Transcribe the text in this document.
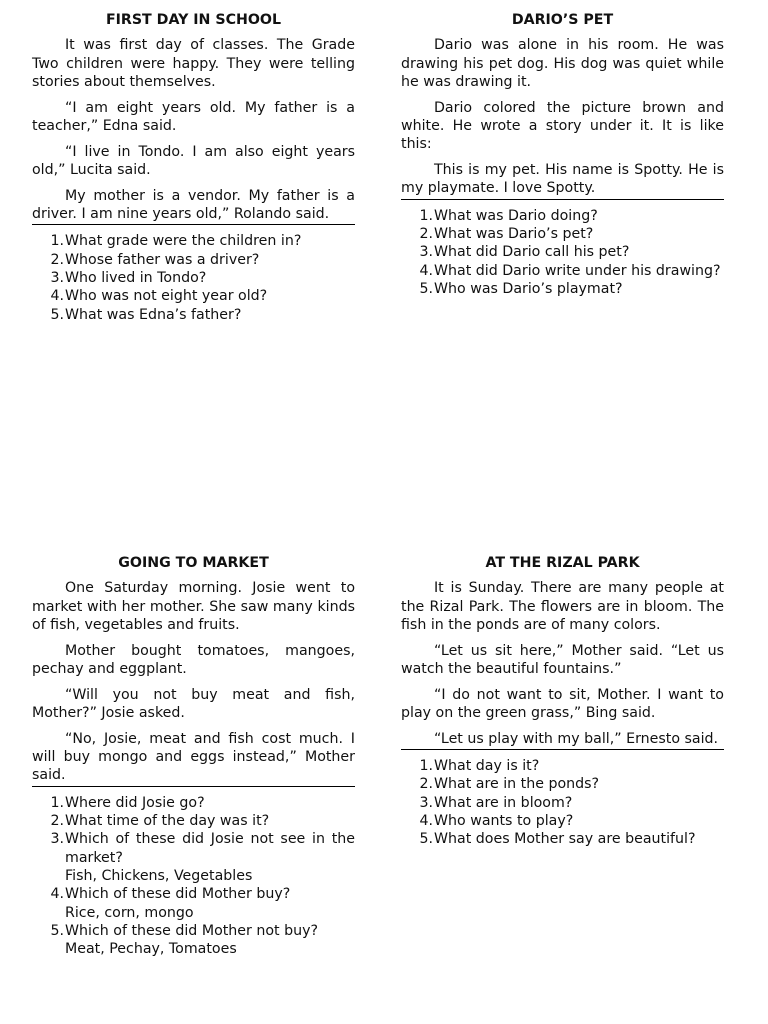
FIRST DAY IN SCHOOL

It was first day of classes. The Grade Two children were happy. They were telling stories about themselves.

“I am eight years old. My father is a teacher,” Edna said.

“I live in Tondo. I am also eight years old,” Lucita said.

My mother is a vendor. My father is a driver. I am nine years old,” Rolando said.

1. What grade were the children in?
2. Whose father was a driver?
3. Who lived in Tondo?
4. Who was not eight year old?
5. What was Edna’s father?
DARIO’S PET

Dario was alone in his room. He was drawing his pet dog. His dog was quiet while he was drawing it.

Dario colored the picture brown and white. He wrote a story under it. It is like this:

This is my pet. His name is Spotty. He is my playmate. I love Spotty.

1. What was Dario doing?
2. What was Dario’s pet?
3. What did Dario call his pet?
4. What did Dario write under his drawing?
5. Who was Dario’s playmat?
GOING TO MARKET

One Saturday morning. Josie went to market with her mother. She saw many kinds of fish, vegetables and fruits.

Mother bought tomatoes, mangoes, pechay and eggplant.

“Will you not buy meat and fish, Mother?” Josie asked.

“No, Josie, meat and fish cost much. I will buy mongo and eggs instead,” Mother said.

1. Where did Josie go?
2. What time of the day was it?
3. Which of these did Josie not see in the market?
Fish, Chickens, Vegetables
4. Which of these did Mother buy?
Rice, corn, mongo
5. Which of these did Mother not buy?
Meat, Pechay, Tomatoes
AT THE RIZAL PARK

It is Sunday. There are many people at the Rizal Park. The flowers are in bloom. The fish in the ponds are of many colors.

“Let us sit here,” Mother said. “Let us watch the beautiful fountains.”

“I do not want to sit, Mother. I want to play on the green grass,” Bing said.

“Let us play with my ball,” Ernesto said.

1. What day is it?
2. What are in the ponds?
3. What are in bloom?
4. Who wants to play?
5. What does Mother say are beautiful?
